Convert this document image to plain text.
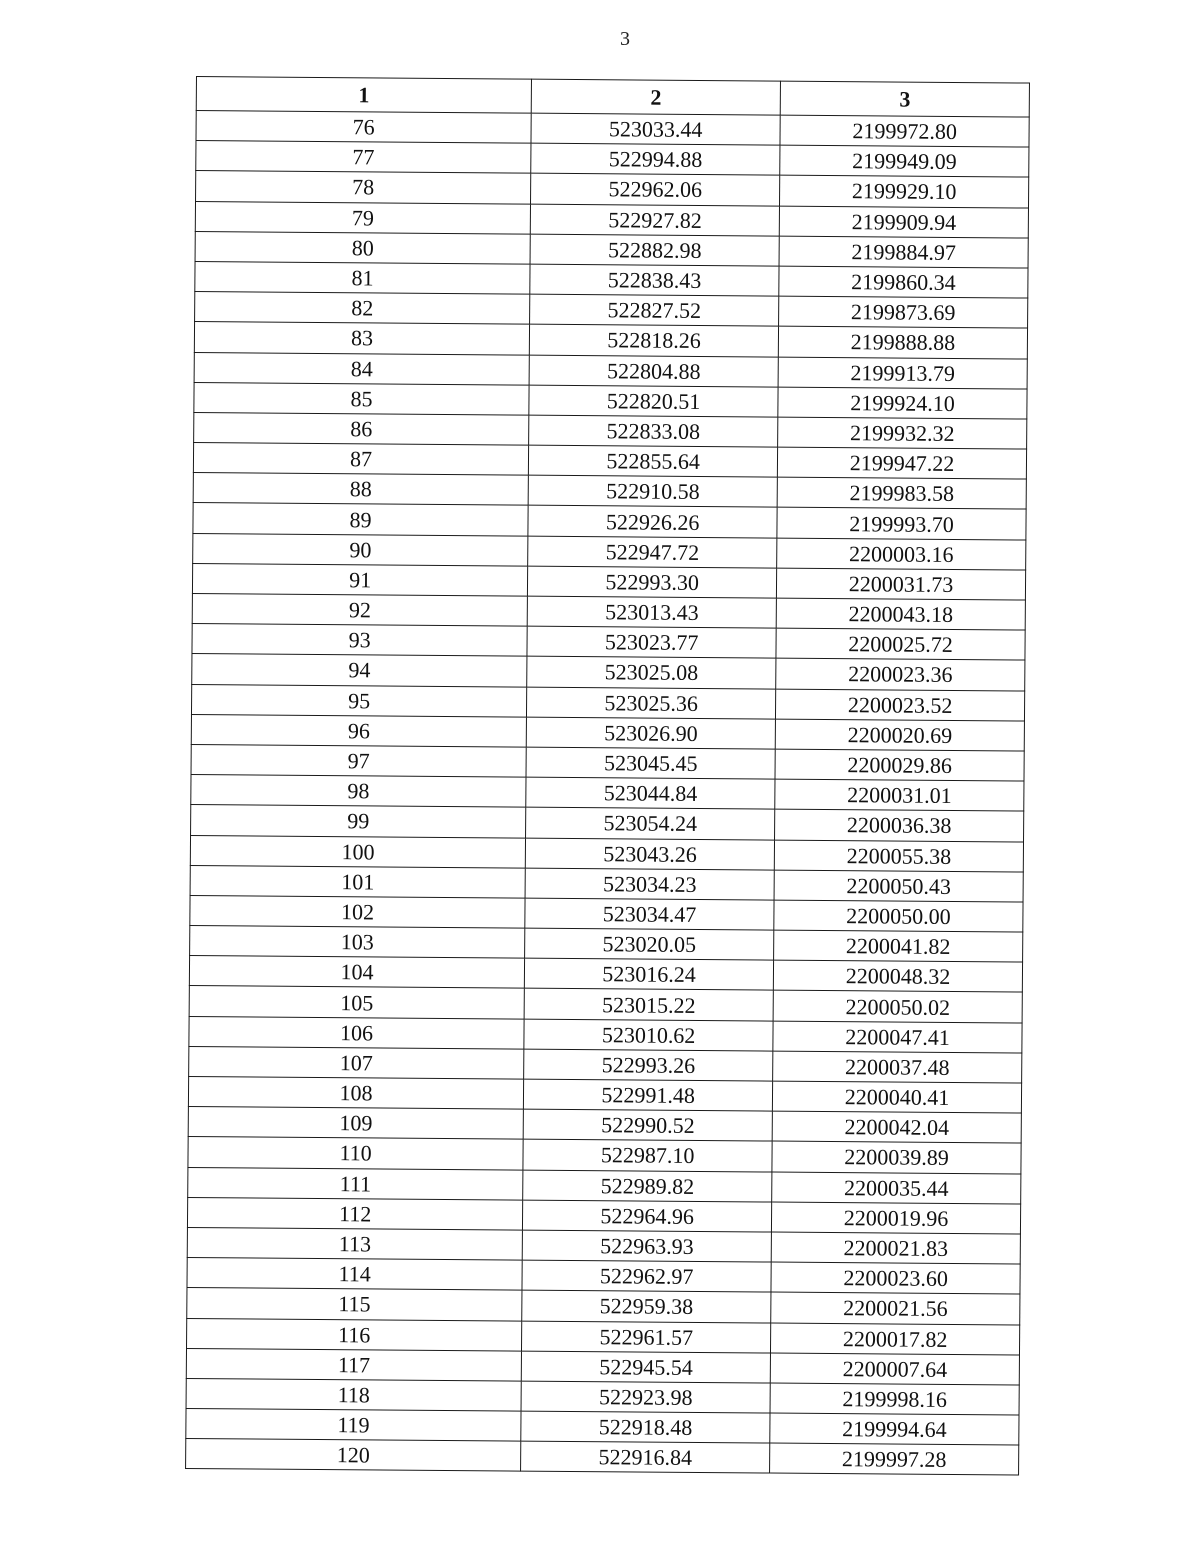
3
1	2	3
76	523033.44	2199972.80
77	522994.88	2199949.09
78	522962.06	2199929.10
79	522927.82	2199909.94
80	522882.98	2199884.97
81	522838.43	2199860.34
82	522827.52	2199873.69
83	522818.26	2199888.88
84	522804.88	2199913.79
85	522820.51	2199924.10
86	522833.08	2199932.32
87	522855.64	2199947.22
88	522910.58	2199983.58
89	522926.26	2199993.70
90	522947.72	2200003.16
91	522993.30	2200031.73
92	523013.43	2200043.18
93	523023.77	2200025.72
94	523025.08	2200023.36
95	523025.36	2200023.52
96	523026.90	2200020.69
97	523045.45	2200029.86
98	523044.84	2200031.01
99	523054.24	2200036.38
100	523043.26	2200055.38
101	523034.23	2200050.43
102	523034.47	2200050.00
103	523020.05	2200041.82
104	523016.24	2200048.32
105	523015.22	2200050.02
106	523010.62	2200047.41
107	522993.26	2200037.48
108	522991.48	2200040.41
109	522990.52	2200042.04
110	522987.10	2200039.89
111	522989.82	2200035.44
112	522964.96	2200019.96
113	522963.93	2200021.83
114	522962.97	2200023.60
115	522959.38	2200021.56
116	522961.57	2200017.82
117	522945.54	2200007.64
118	522923.98	2199998.16
119	522918.48	2199994.64
120	522916.84	2199997.28
